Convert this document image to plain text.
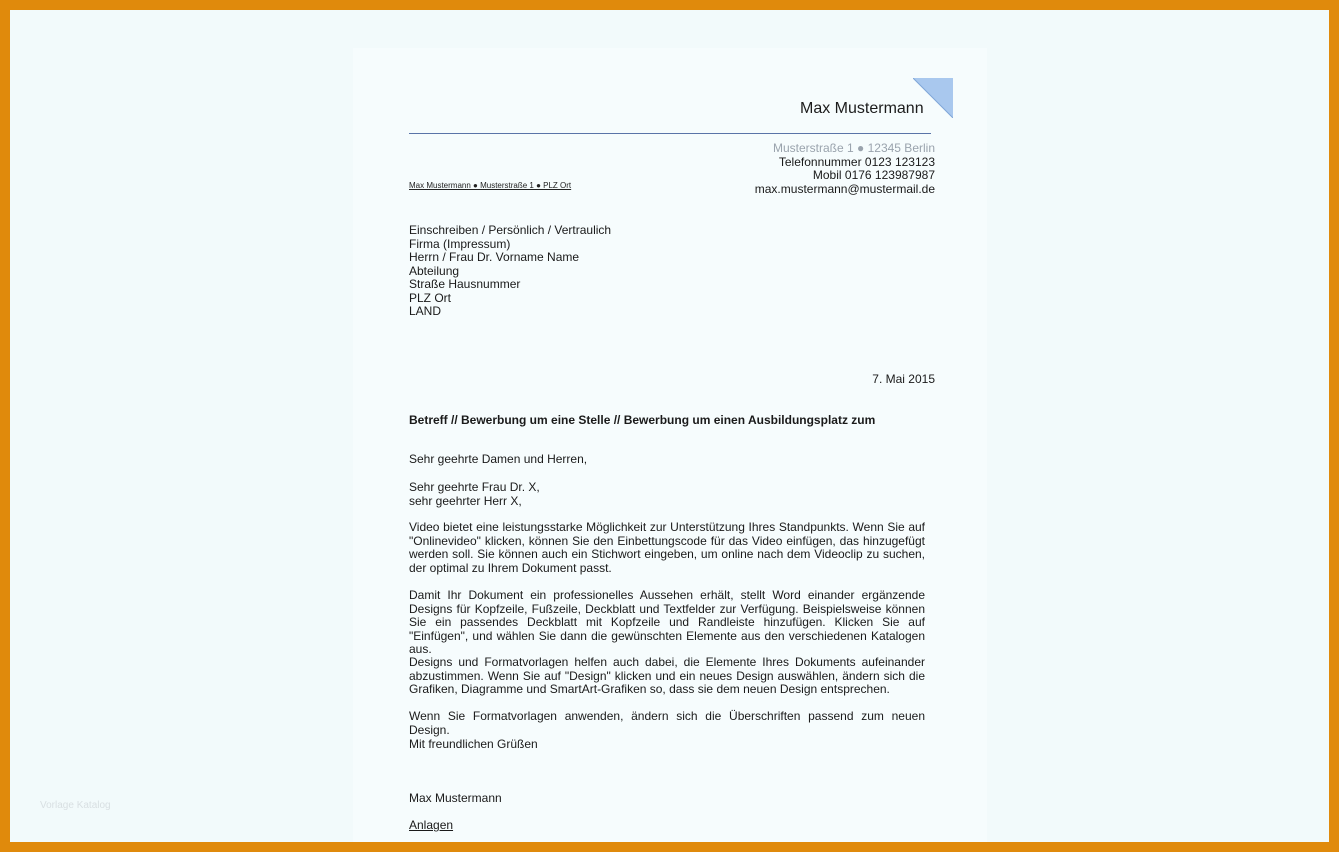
Max Mustermann
Musterstraße 1 ● 12345 Berlin
Telefonnummer 0123 123123
Mobil 0176 123987987
max.mustermann@mustermail.de
Max Mustermann ● Musterstraße 1 ● PLZ Ort
Einschreiben / Persönlich / Vertraulich
Firma (Impressum)
Herrn / Frau Dr. Vorname Name
Abteilung
Straße Hausnummer
PLZ Ort
LAND
7. Mai 2015
Betreff // Bewerbung um eine Stelle // Bewerbung um einen Ausbildungsplatz zum
Sehr geehrte Damen und Herren,
Sehr geehrte Frau Dr. X,
sehr geehrter Herr X,
Video bietet eine leistungsstarke Möglichkeit zur Unterstützung Ihres Standpunkts. Wenn Sie auf "Onlinevideo" klicken, können Sie den Einbettungscode für das Video einfügen, das hinzugefügt werden soll. Sie können auch ein Stichwort eingeben, um online nach dem Videoclip zu suchen, der optimal zu Ihrem Dokument passt.
Damit Ihr Dokument ein professionelles Aussehen erhält, stellt Word einander ergänzende Designs für Kopfzeile, Fußzeile, Deckblatt und Textfelder zur Verfügung. Beispielsweise können Sie ein passendes Deckblatt mit Kopfzeile und Randleiste hinzufügen. Klicken Sie auf "Einfügen", und wählen Sie dann die gewünschten Elemente aus den verschiedenen Katalogen aus.
Designs und Formatvorlagen helfen auch dabei, die Elemente Ihres Dokuments aufeinander abzustimmen. Wenn Sie auf "Design" klicken und ein neues Design auswählen, ändern sich die Grafiken, Diagramme und SmartArt-Grafiken so, dass sie dem neuen Design entsprechen.
Wenn Sie Formatvorlagen anwenden, ändern sich die Überschriften passend zum neuen Design.
Mit freundlichen Grüßen
Max Mustermann
Anlagen
Vorlage Katalog
